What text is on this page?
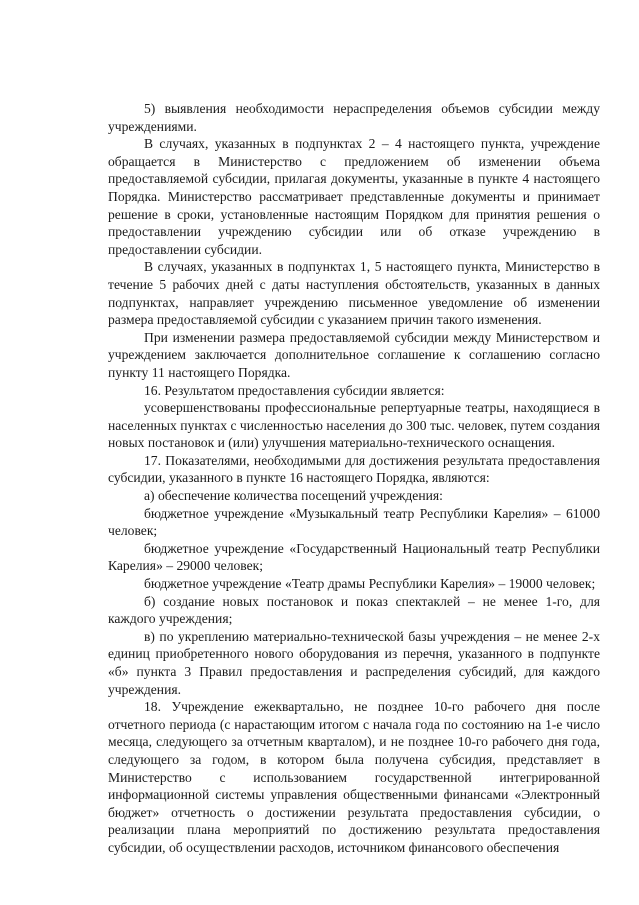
5) выявления необходимости нераспределения объемов субсидии между учреждениями.

В случаях, указанных в подпунктах 2 – 4 настоящего пункта, учреждение обращается в Министерство с предложением об изменении объема предоставляемой субсидии, прилагая документы, указанные в пункте 4 настоящего Порядка. Министерство рассматривает представленные документы и принимает решение в сроки, установленные настоящим Порядком для принятия решения о предоставлении учреждению субсидии или об отказе учреждению в предоставлении субсидии.

В случаях, указанных в подпунктах 1, 5 настоящего пункта, Министерство в течение 5 рабочих дней с даты наступления обстоятельств, указанных в данных подпунктах, направляет учреждению письменное уведомление об изменении размера предоставляемой субсидии с указанием причин такого изменения.

При изменении размера предоставляемой субсидии между Министерством и учреждением заключается дополнительное соглашение к соглашению согласно пункту 11 настоящего Порядка.

16. Результатом предоставления субсидии является:

усовершенствованы профессиональные репертуарные театры, находящиеся в населенных пунктах с численностью населения до 300 тыс. человек, путем создания новых постановок и (или) улучшения материально-технического оснащения.

17. Показателями, необходимыми для достижения результата предоставления субсидии, указанного в пункте 16 настоящего Порядка, являются:

а) обеспечение количества посещений учреждения:

бюджетное учреждение «Музыкальный театр Республики Карелия» – 61000 человек;

бюджетное учреждение «Государственный Национальный театр Республики Карелия» – 29000 человек;

бюджетное учреждение «Театр драмы Республики Карелия» – 19000 человек;

б) создание новых постановок и показ спектаклей – не менее 1-го, для каждого учреждения;

в) по укреплению материально-технической базы учреждения – не менее 2-х единиц приобретенного нового оборудования из перечня, указанного в подпункте «б» пункта 3 Правил предоставления и распределения субсидий, для каждого учреждения.

18. Учреждение ежеквартально, не позднее 10-го рабочего дня после отчетного периода (с нарастающим итогом с начала года по состоянию на 1-е число месяца, следующего за отчетным кварталом), и не позднее 10-го рабочего дня года, следующего за годом, в котором была получена субсидия, представляет в Министерство с использованием государственной интегрированной информационной системы управления общественными финансами «Электронный бюджет» отчетность о достижении результата предоставления субсидии, о реализации плана мероприятий по достижению результата предоставления субсидии, об осуществлении расходов, источником финансового обеспечения
